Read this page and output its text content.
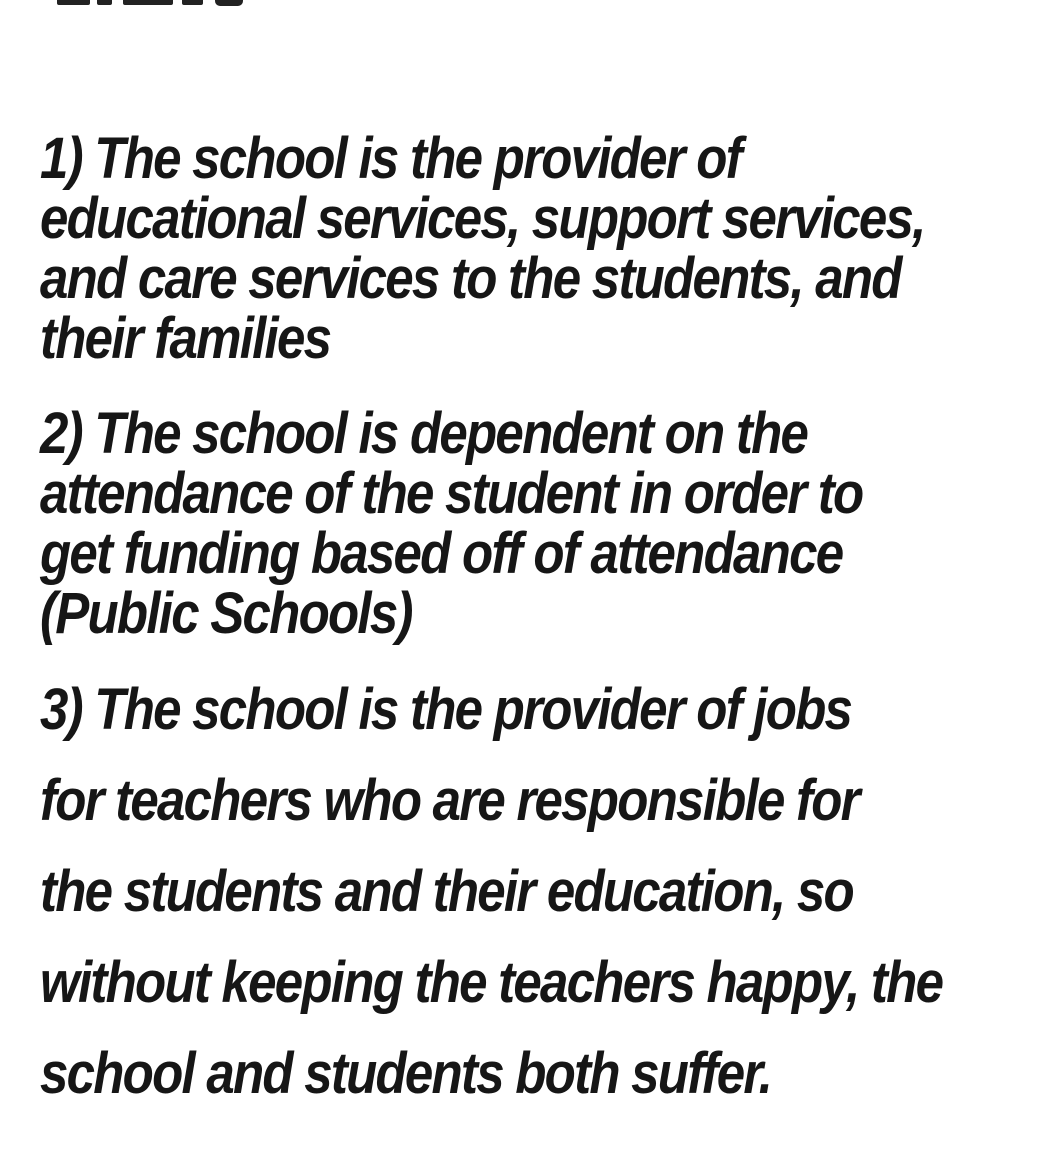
1) The school is the provider of
educational services, support services,
and care services to the students, and
their families
2) The school is dependent on the
attendance of the student in order to
get funding based off of attendance
(Public Schools)
3) The school is the provider of jobs
for teachers who are responsible for
the students and their education, so
without keeping the teachers happy, the
school and students both suffer.
